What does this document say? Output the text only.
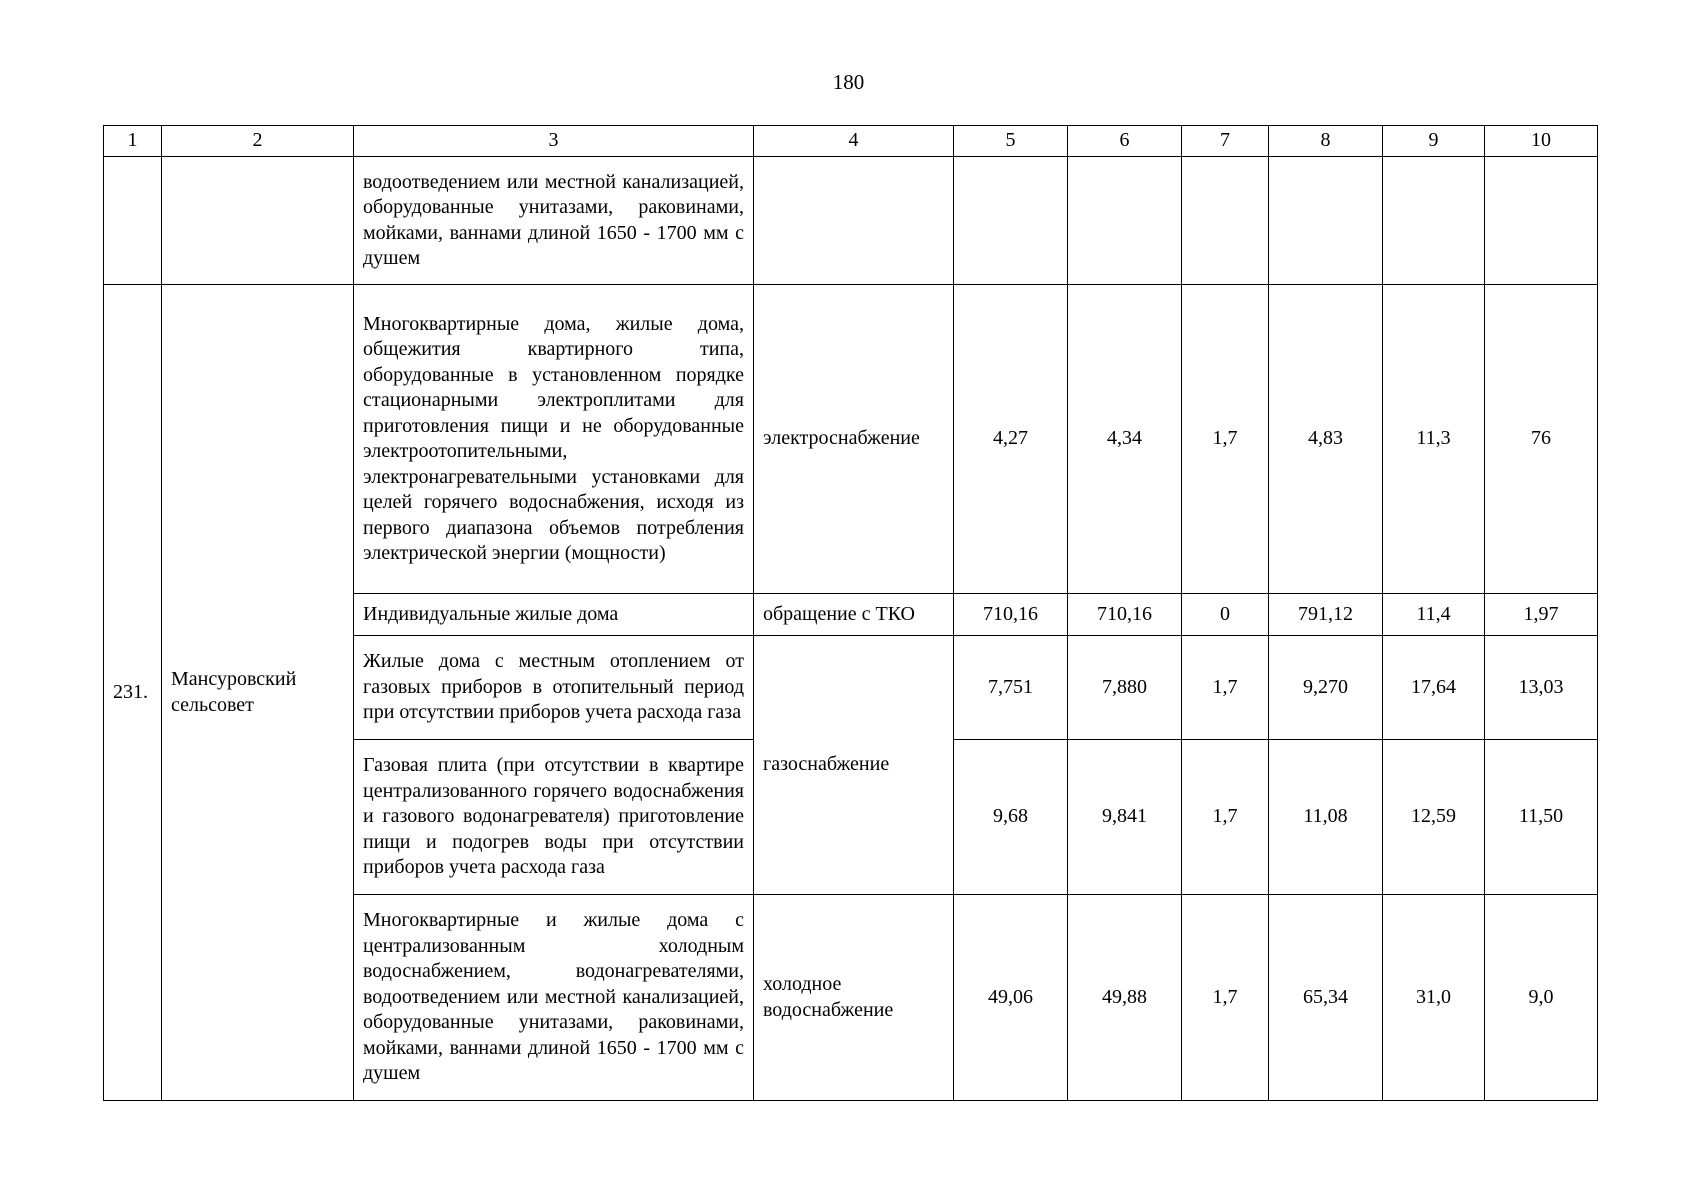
180
1	2	3	4	5	6	7	8	9	10
		водоотведением или местной канализацией, оборудованные унитазами, раковинами, мойками, ваннами длиной 1650 - 1700 мм с душем							
231.	Мансуровский сельсовет	Многоквартирные дома, жилые дома, общежития квартирного типа, оборудованные в установленном порядке стационарными электроплитами для приготовления пищи и не оборудованные электроотопительными, электронагревательными установками для целей горячего водоснабжения, исходя из первого диапазона объемов потребления электрической энергии (мощности)	электроснабжение	4,27	4,34	1,7	4,83	11,3	76
		Индивидуальные жилые дома	обращение с ТКО	710,16	710,16	0	791,12	11,4	1,97
		Жилые дома с местным отоплением от газовых приборов в отопительный период при отсутствии приборов учета расхода газа	газоснабжение	7,751	7,880	1,7	9,270	17,64	13,03
		Газовая плита (при отсутствии в квартире централизованного горячего водоснабжения и газового водонагревателя) приготовление пищи и подогрев воды при отсутствии приборов учета расхода газа		9,68	9,841	1,7	11,08	12,59	11,50
		Многоквартирные и жилые дома с централизованным холодным водоснабжением, водонагревателями, водоотведением или местной канализацией, оборудованные унитазами, раковинами, мойками, ваннами длиной 1650 - 1700 мм с душем	холодное водоснабжение	49,06	49,88	1,7	65,34	31,0	9,0
